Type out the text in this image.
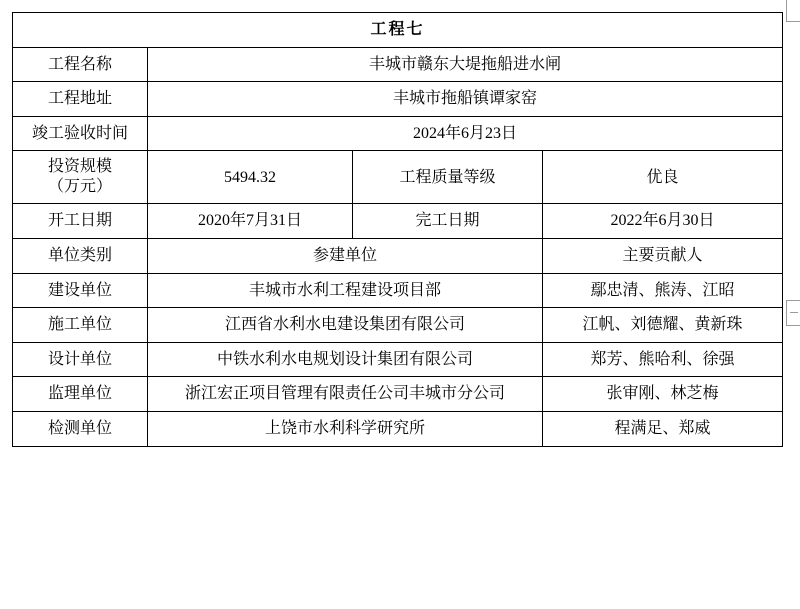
工程七			
工程名称	丰城市赣东大堤拖船进水闸		
工程地址	丰城市拖船镇谭家窑		
竣工验收时间	2024年6月23日		

投资规模
（万元）	5494.32	工程质量等级	优良
开工日期	2020年7月31日	完工日期	2022年6月30日
单位类别	参建单位		主要贡献人
建设单位	丰城市水利工程建设项目部		鄢忠清、熊涛、江昭
施工单位	江西省水利水电建设集团有限公司		江帆、刘德耀、黄新珠
设计单位	中铁水利水电规划设计集团有限公司		郑芳、熊哈利、徐强
监理单位	浙江宏正项目管理有限责任公司丰城市分公司		张审刚、林芝梅
检测单位	上饶市水利科学研究所		程满足、郑威
